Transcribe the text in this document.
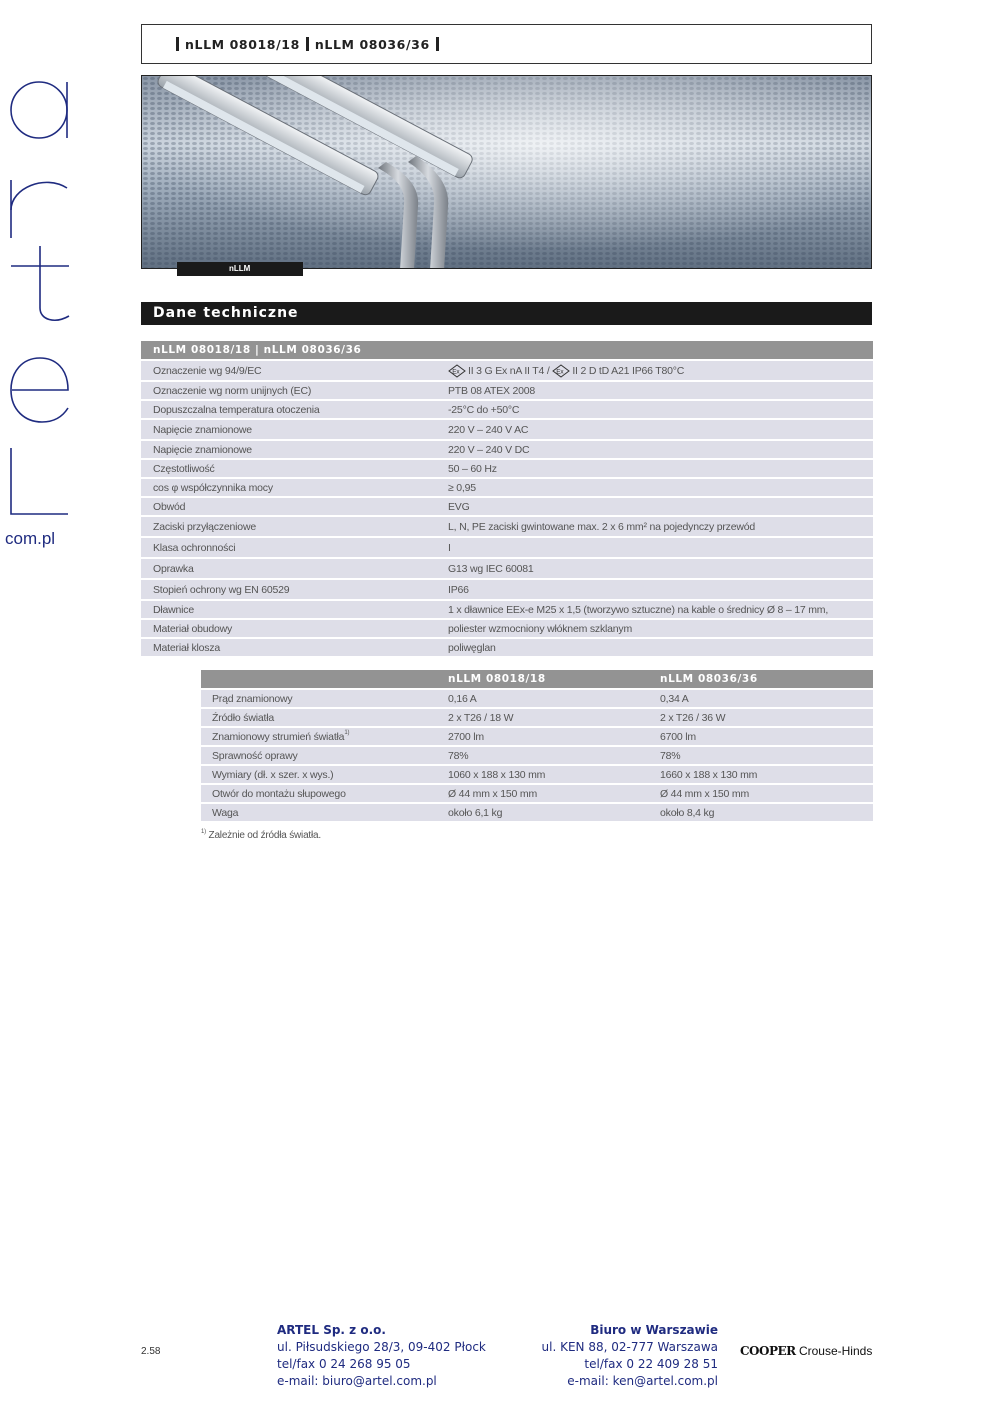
com.pl
nLLM 08018/18 nLLM 08036/36
nLLM
Dane techniczne
nLLM 08018/18 | nLLM 08036/36	
Oznaczenie wg 94/9/EC	Ex II 3 G Ex nA II T4 / Ex II 2 D tD A21 IP66 T80°C
Oznaczenie wg norm unijnych (EC)	PTB 08 ATEX 2008
Dopuszczalna temperatura otoczenia	-25°C do +50°C
Napięcie znamionowe	220 V – 240 V AC
Napięcie znamionowe	220 V – 240 V DC
Częstotliwość	50 – 60 Hz
cos φ współczynnika mocy	≥ 0,95
Obwód	EVG
Zaciski przyłączeniowe	L, N, PE zaciski gwintowane max. 2 x 6 mm² na pojedynczy przewód
Klasa ochronności	I
Oprawka	G13 wg IEC 60081
Stopień ochrony wg EN 60529	IP66
Dławnice	1 x dławnice EEx-e M25 x 1,5 (tworzywo sztuczne) na kable o średnicy Ø 8 – 17 mm,
Materiał obudowy	poliester wzmocniony włóknem szklanym
Materiał klosza	poliwęglan
	nLLM 08018/18	nLLM 08036/36
Prąd znamionowy	0,16 A	0,34 A
Źródło światła	2 x T26 / 18 W	2 x T26 / 36 W
Znamionowy strumień światła$^{1)}$	2700 lm	6700 lm
Sprawność oprawy	78%	78%
Wymiary (dł. x szer. x wys.)	1060 x 188 x 130 mm	1660 x 188 x 130 mm
Otwór do montażu słupowego	Ø 44 mm x 150 mm	Ø 44 mm x 150 mm
Waga	około 6,1 kg	około 8,4 kg
$^{1)}$ Zależnie od źródła światła.
2.58
ARTEL Sp. z o.o.
ul. Piłsudskiego 28/3, 09-402 Płock
tel/fax 0 24 268 95 05
e-mail: biuro@artel.com.pl
Biuro w Warszawie
ul. KEN 88, 02-777 Warszawa
tel/fax 0 22 409 28 51
e-mail: ken@artel.com.pl
COOPER Crouse-Hinds
